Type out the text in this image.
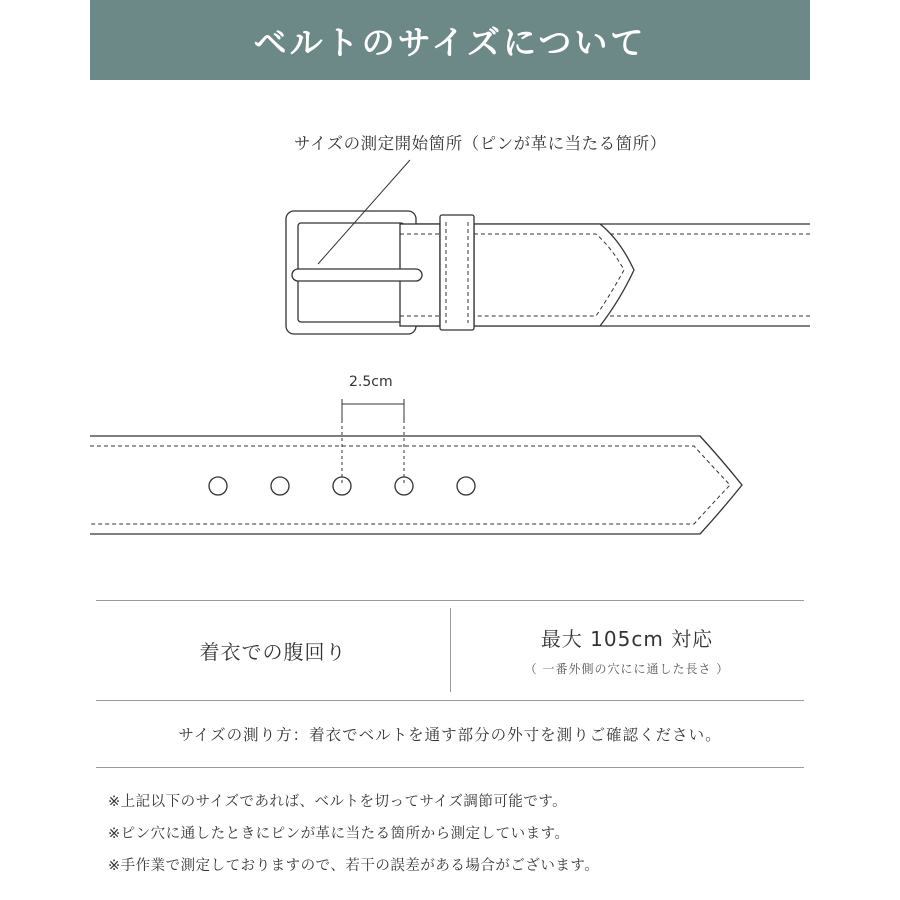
ベルトのサイズについて
サイズの測定開始箇所（ピンが革に当たる箇所）
2.5cm
着衣での腹回り
最大 105cm 対応
（ 一番外側の穴にに通した長さ ）
サイズの測り方：着衣でベルトを通す部分の外寸を測りご確認ください。
※上記以下のサイズであれば、ベルトを切ってサイズ調節可能です。
※ピン穴に通したときにピンが革に当たる箇所から測定しています。
※手作業で測定しておりますので、若干の誤差がある場合がございます。
